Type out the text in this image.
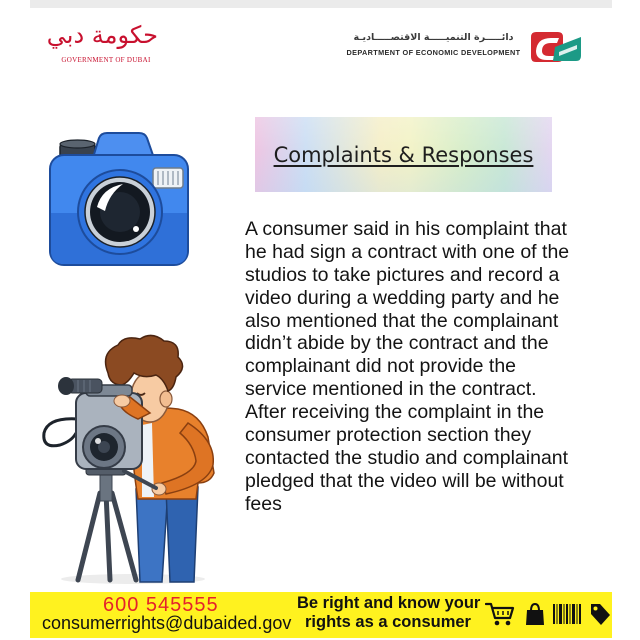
حكومة دبي
GOVERNMENT OF DUBAI
دائـــــرة التنميـــــة الاقتصـــــاديـة
DEPARTMENT OF ECONOMIC DEVELOPMENT
Complaints & Responses
A consumer said in his complaint that
he had sign a contract with one of the
studios to take pictures and record a
video during a wedding party and he
also mentioned that the complainant
didn’t abide by the contract and the
complainant did not provide the
service mentioned in the contract.
After receiving the complaint in the
consumer protection section they
contacted the studio and complainant
pledged that the video will be without
fees
600 545555
consumerrights@dubaided.gov
Be right and know your
rights as a consumer
